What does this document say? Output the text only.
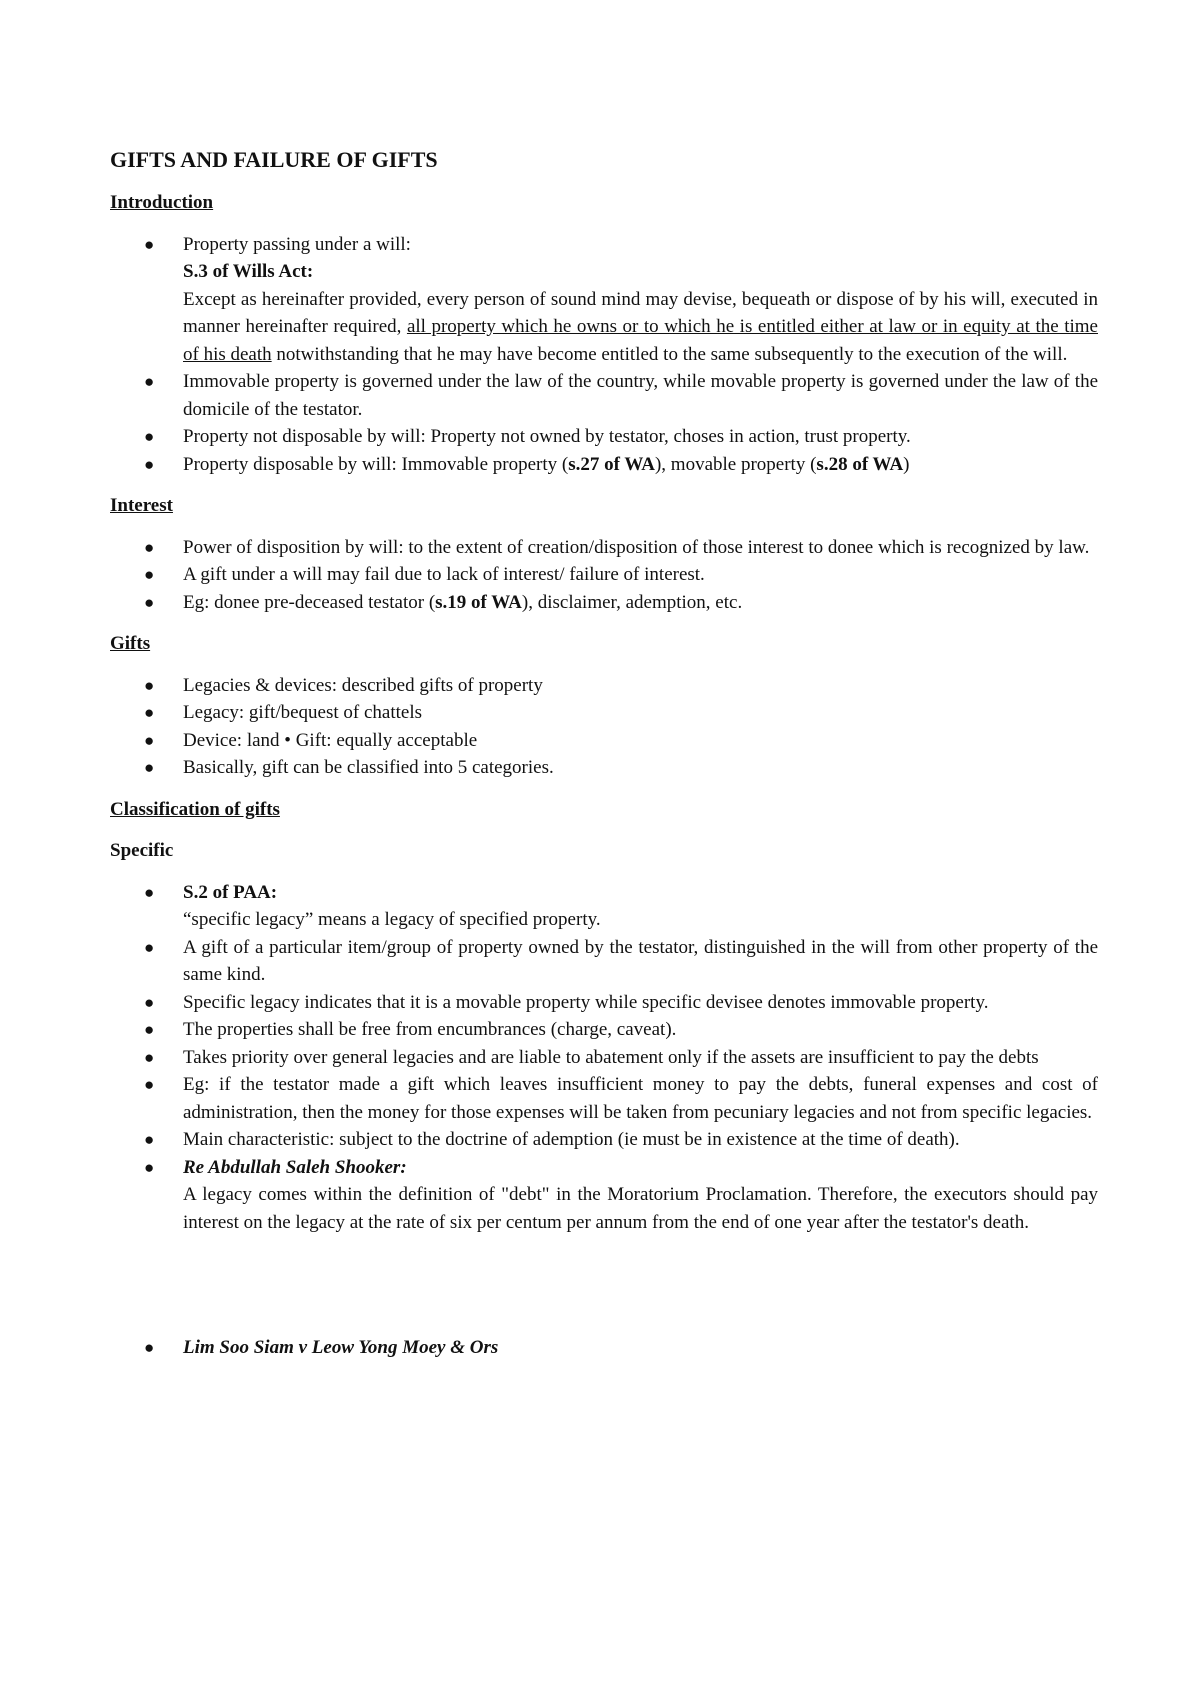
GIFTS AND FAILURE OF GIFTS
Introduction
● Property passing under a will:
S.3 of Wills Act:
Except as hereinafter provided, every person of sound mind may devise, bequeath or dispose of by his will, executed in manner hereinafter required, all property which he owns or to which he is entitled either at law or in equity at the time of his death notwithstanding that he may have become entitled to the same subsequently to the execution of the will.
● Immovable property is governed under the law of the country, while movable property is governed under the law of the domicile of the testator.
● Property not disposable by will: Property not owned by testator, choses in action, trust property.
● Property disposable by will: Immovable property (s.27 of WA), movable property (s.28 of WA)
Interest
● Power of disposition by will: to the extent of creation/disposition of those interest to donee which is recognized by law.
● A gift under a will may fail due to lack of interest/ failure of interest.
● Eg: donee pre-deceased testator (s.19 of WA), disclaimer, ademption, etc.
Gifts
● Legacies & devices: described gifts of property
● Legacy: gift/bequest of chattels
● Device: land • Gift: equally acceptable
● Basically, gift can be classified into 5 categories.
Classification of gifts
Specific
● S.2 of PAA:
“specific legacy” means a legacy of specified property.
● A gift of a particular item/group of property owned by the testator, distinguished in the will from other property of the same kind.
● Specific legacy indicates that it is a movable property while specific devisee denotes immovable property.
● The properties shall be free from encumbrances (charge, caveat).
● Takes priority over general legacies and are liable to abatement only if the assets are insufficient to pay the debts
● Eg: if the testator made a gift which leaves insufficient money to pay the debts, funeral expenses and cost of administration, then the money for those expenses will be taken from pecuniary legacies and not from specific legacies.
● Main characteristic: subject to the doctrine of ademption (ie must be in existence at the time of death).
● Re Abdullah Saleh Shooker:
A legacy comes within the definition of "debt" in the Moratorium Proclamation. Therefore, the executors should pay interest on the legacy at the rate of six per centum per annum from the end of one year after the testator's death.
● Lim Soo Siam v Leow Yong Moey & Ors
